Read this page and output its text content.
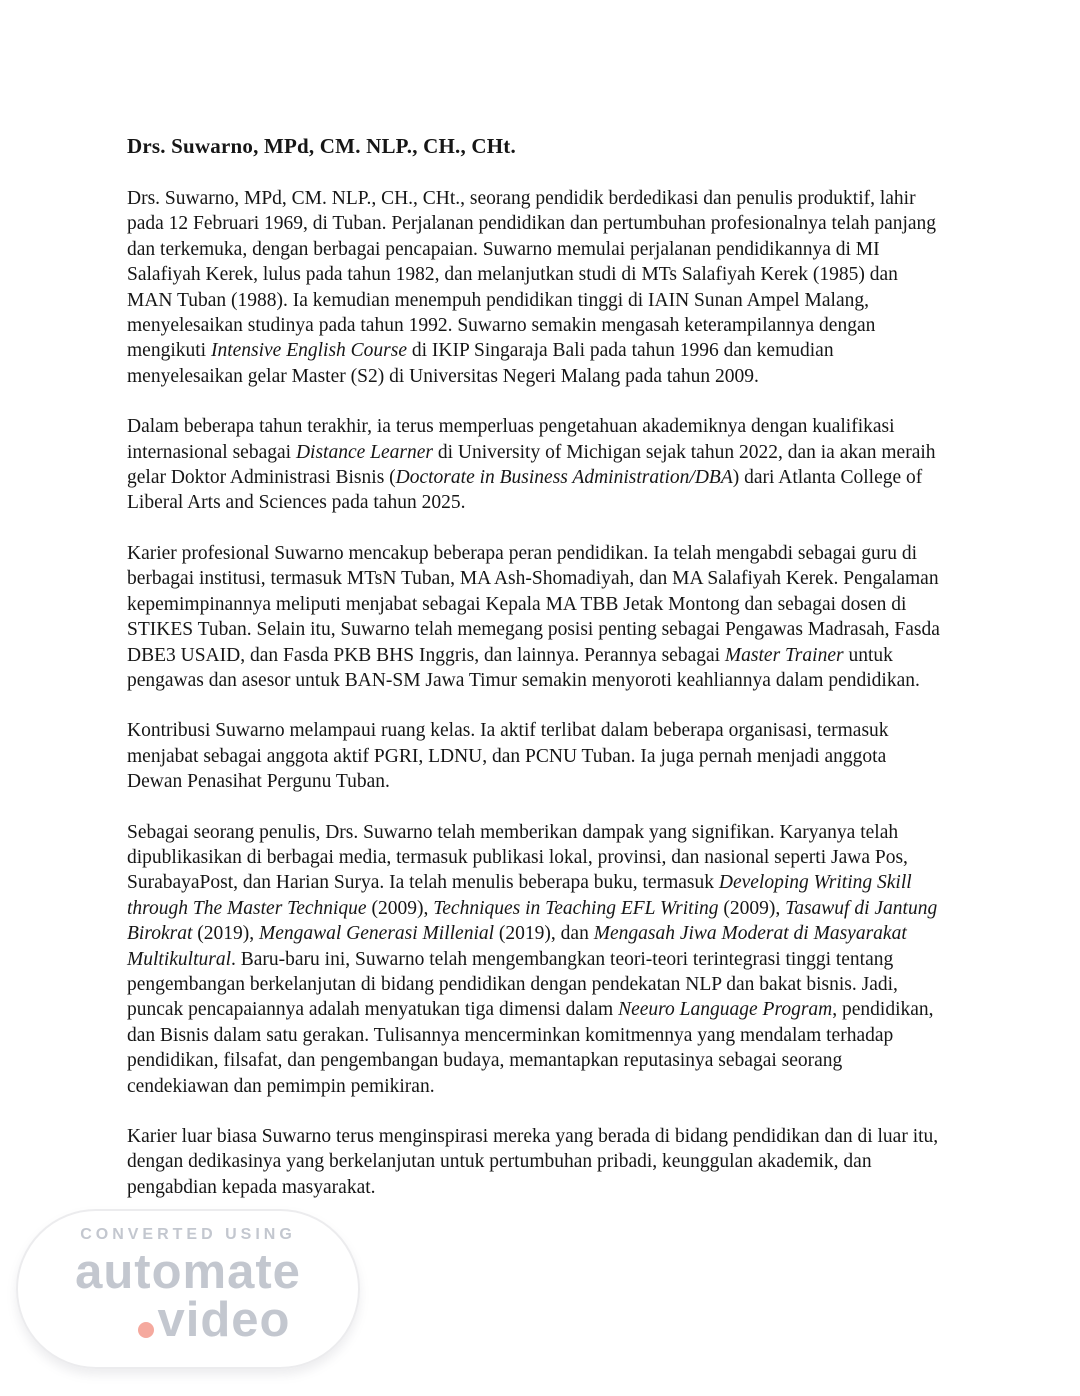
Drs. Suwarno, MPd, CM. NLP., CH., CHt.

Drs. Suwarno, MPd, CM. NLP., CH., CHt., seorang pendidik berdedikasi dan penulis produktif, lahir pada 12 Februari 1969, di Tuban. Perjalanan pendidikan dan pertumbuhan profesionalnya telah panjang dan terkemuka, dengan berbagai pencapaian. Suwarno memulai perjalanan pendidikannya di MI Salafiyah Kerek, lulus pada tahun 1982, dan melanjutkan studi di MTs Salafiyah Kerek (1985) dan MAN Tuban (1988). Ia kemudian menempuh pendidikan tinggi di IAIN Sunan Ampel Malang, menyelesaikan studinya pada tahun 1992. Suwarno semakin mengasah keterampilannya dengan mengikuti Intensive English Course di IKIP Singaraja Bali pada tahun 1996 dan kemudian menyelesaikan gelar Master (S2) di Universitas Negeri Malang pada tahun 2009.

Dalam beberapa tahun terakhir, ia terus memperluas pengetahuan akademiknya dengan kualifikasi internasional sebagai Distance Learner di University of Michigan sejak tahun 2022, dan ia akan meraih gelar Doktor Administrasi Bisnis (Doctorate in Business Administration/DBA) dari Atlanta College of Liberal Arts and Sciences pada tahun 2025.

Karier profesional Suwarno mencakup beberapa peran pendidikan. Ia telah mengabdi sebagai guru di berbagai institusi, termasuk MTsN Tuban, MA Ash-Shomadiyah, dan MA Salafiyah Kerek. Pengalaman kepemimpinannya meliputi menjabat sebagai Kepala MA TBB Jetak Montong dan sebagai dosen di STIKES Tuban. Selain itu, Suwarno telah memegang posisi penting sebagai Pengawas Madrasah, Fasda DBE3 USAID, dan Fasda PKB BHS Inggris, dan lainnya. Perannya sebagai Master Trainer untuk pengawas dan asesor untuk BAN-SM Jawa Timur semakin menyoroti keahliannya dalam pendidikan.

Kontribusi Suwarno melampaui ruang kelas. Ia aktif terlibat dalam beberapa organisasi, termasuk menjabat sebagai anggota aktif PGRI, LDNU, dan PCNU Tuban. Ia juga pernah menjadi anggota Dewan Penasihat Pergunu Tuban.

Sebagai seorang penulis, Drs. Suwarno telah memberikan dampak yang signifikan. Karyanya telah dipublikasikan di berbagai media, termasuk publikasi lokal, provinsi, dan nasional seperti Jawa Pos, SurabayaPost, dan Harian Surya. Ia telah menulis beberapa buku, termasuk Developing Writing Skill through The Master Technique (2009), Techniques in Teaching EFL Writing (2009), Tasawuf di Jantung Birokrat (2019), Mengawal Generasi Millenial (2019), dan Mengasah Jiwa Moderat di Masyarakat Multikultural. Baru-baru ini, Suwarno telah mengembangkan teori-teori terintegrasi tinggi tentang pengembangan berkelanjutan di bidang pendidikan dengan pendekatan NLP dan bakat bisnis. Jadi, puncak pencapaiannya adalah menyatukan tiga dimensi dalam Neeuro Language Program, pendidikan, dan Bisnis dalam satu gerakan. Tulisannya mencerminkan komitmennya yang mendalam terhadap pendidikan, filsafat, dan pengembangan budaya, memantapkan reputasinya sebagai seorang cendekiawan dan pemimpin pemikiran.

Karier luar biasa Suwarno terus menginspirasi mereka yang berada di bidang pendidikan dan di luar itu, dengan dedikasinya yang berkelanjutan untuk pertumbuhan pribadi, keunggulan akademik, dan pengabdian kepada masyarakat.

CONVERTED USING
automate
video
